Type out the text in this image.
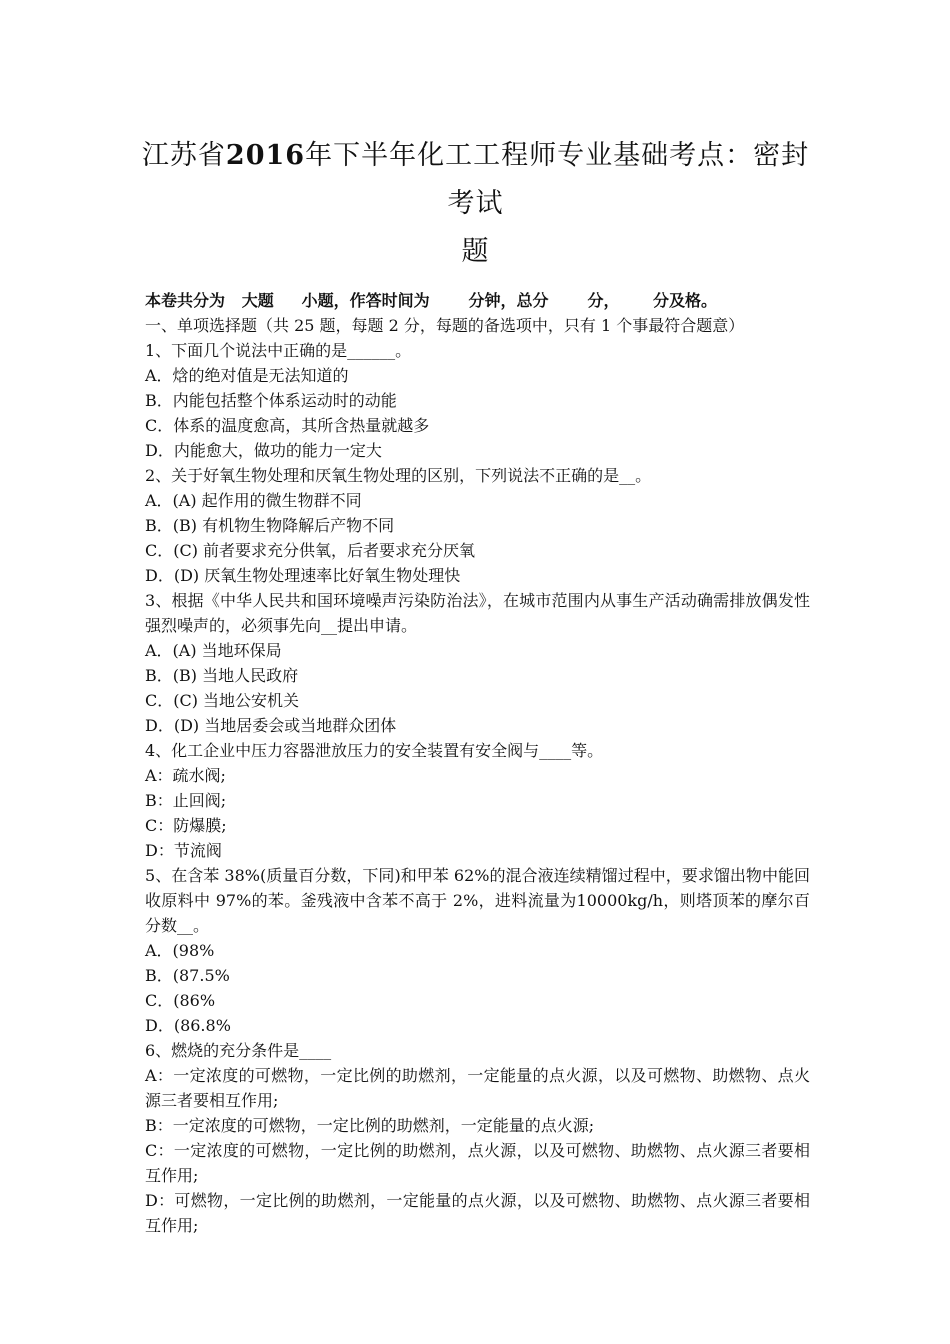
江苏省2016年下半年化工工程师专业基础考点：密封考试
题
本卷共分为   大题     小题，作答时间为       分钟，总分       分，      分及格。
一、单项选择题（共 25 题，每题 2 分，每题的备选项中，只有 1 个事最符合题意）
1、下面几个说法中正确的是______。
A．焓的绝对值是无法知道的
B．内能包括整个体系运动时的动能
C．体系的温度愈高，其所含热量就越多
D．内能愈大，做功的能力一定大
2、关于好氧生物处理和厌氧生物处理的区别，下列说法不正确的是__。
A．(A) 起作用的微生物群不同
B．(B) 有机物生物降解后产物不同
C．(C) 前者要求充分供氧，后者要求充分厌氧
D．(D) 厌氧生物处理速率比好氧生物处理快
3、根据《中华人民共和国环境噪声污染防治法》，在城市范围内从事生产活动确需排放偶发性强烈噪声的，必须事先向__提出申请。
A．(A) 当地环保局
B．(B) 当地人民政府
C．(C) 当地公安机关
D．(D) 当地居委会或当地群众团体
4、化工企业中压力容器泄放压力的安全装置有安全阀与____等。
A：疏水阀;
B：止回阀;
C：防爆膜;
D：节流阀
5、在含苯 38%(质量百分数，下同)和甲苯 62%的混合液连续精馏过程中，要求馏出物中能回收原料中 97%的苯。釜残液中含苯不高于 2%，进料流量为10000kg/h，则塔顶苯的摩尔百分数__。
A．(98%
B．(87.5%
C．(86%
D．(86.8%
6、燃烧的充分条件是____
A：一定浓度的可燃物，一定比例的助燃剂，一定能量的点火源，以及可燃物、助燃物、点火源三者要相互作用;
B：一定浓度的可燃物，一定比例的助燃剂，一定能量的点火源;
C：一定浓度的可燃物，一定比例的助燃剂，点火源，以及可燃物、助燃物、点火源三者要相互作用;
D：可燃物，一定比例的助燃剂，一定能量的点火源，以及可燃物、助燃物、点火源三者要相互作用;
